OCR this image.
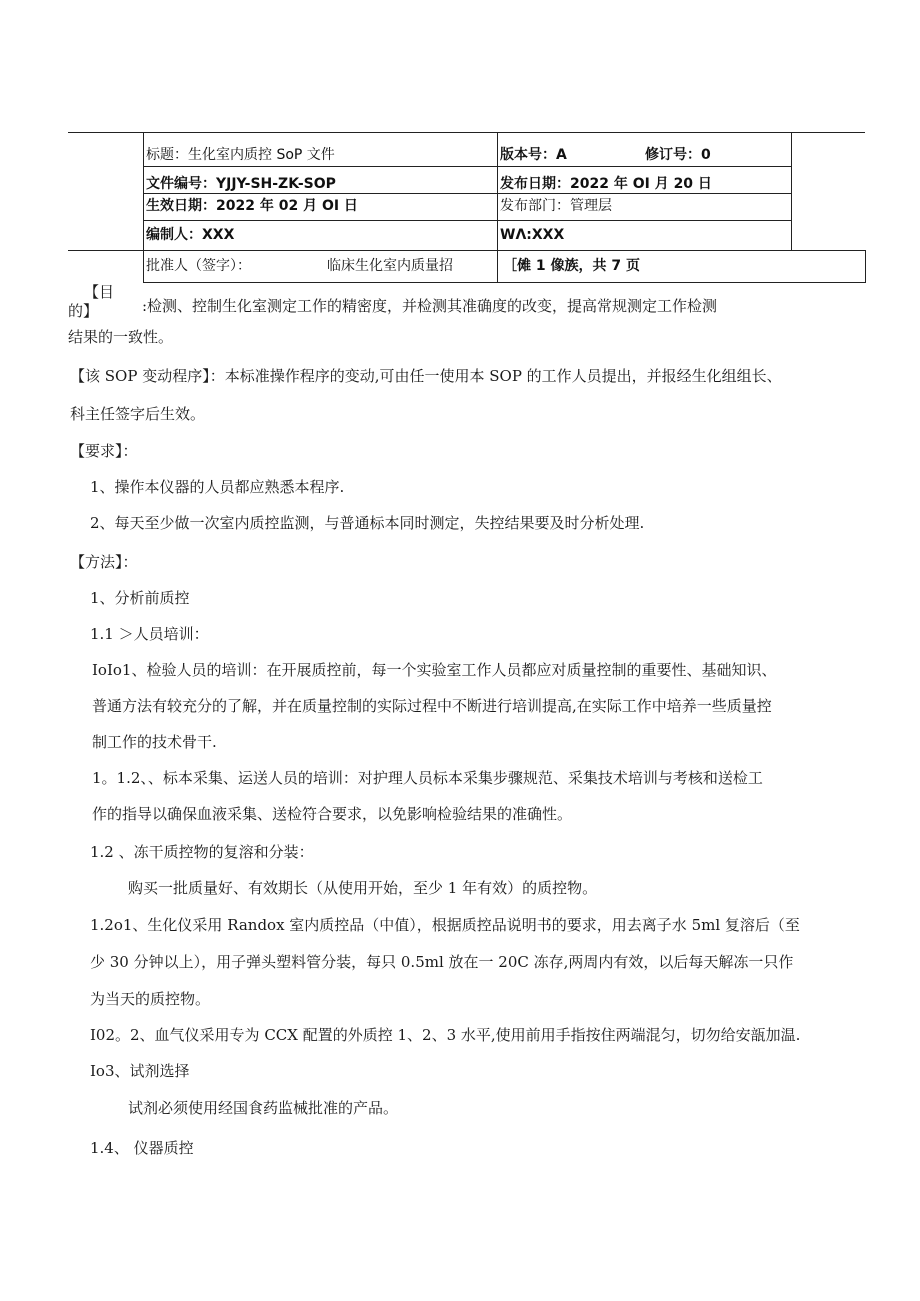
标题：生化室内质控 SoP 文件	版本号：A	修订号：0
文件编号：YJJY-SH-ZK-SOP	发布日期：2022 年 OI 月 20 日
生效日期：2022 年 02 月 OI 日	发布部门：管理层
编制人：XXX	WΛ:XXX
批准人（签字）：	临床生化室内质量招	［傩 1 像族，共 7 页
【目
的】	:检测、控制生化室测定工作的精密度，并检测其准确度的改变，提高常规测定工作检测
结果的一致性。
【该 SOP 变动程序】：本标准操作程序的变动,可由任一使用本 SOP 的工作人员提出，并报经生化组组长、
科主任签字后生效。
【要求】：
1、操作本仪器的人员都应熟悉本程序.
2、每天至少做一次室内质控监测，与普通标本同时测定，失控结果要及时分析处理.
【方法】：
1、分析前质控
1.1 ＞人员培训：
IoIo1、检验人员的培训：在开展质控前，每一个实验室工作人员都应对质量控制的重要性、基础知识、
普通方法有较充分的了解，并在质量控制的实际过程中不断进行培训提高,在实际工作中培养一些质量控
制工作的技术骨干.
1。1.2、、标本采集、运送人员的培训：对护理人员标本采集步骤规范、采集技术培训与考核和送检工
作的指导以确保血液采集、送检符合要求，以免影响检验结果的准确性。
1.2 、冻干质控物的复溶和分装：
购买一批质量好、有效期长（从使用开始，至少 1 年有效）的质控物。
1.2o1、生化仪采用 Randox 室内质控品（中值），根据质控品说明书的要求，用去离子水 5ml 复溶后（至
少 30 分钟以上），用子弹头塑料管分装，每只 0.5ml 放在一 20C 冻存,两周内有效，以后每天解冻一只作
为当天的质控物。
I02。2、血气仪采用专为 CCX 配置的外质控 1、2、3 水平,使用前用手指按住两端混匀，切勿给安瓿加温.
Io3、试剂选择
试剂必须使用经国食药监械批准的产品。
1.4、 仪器质控
